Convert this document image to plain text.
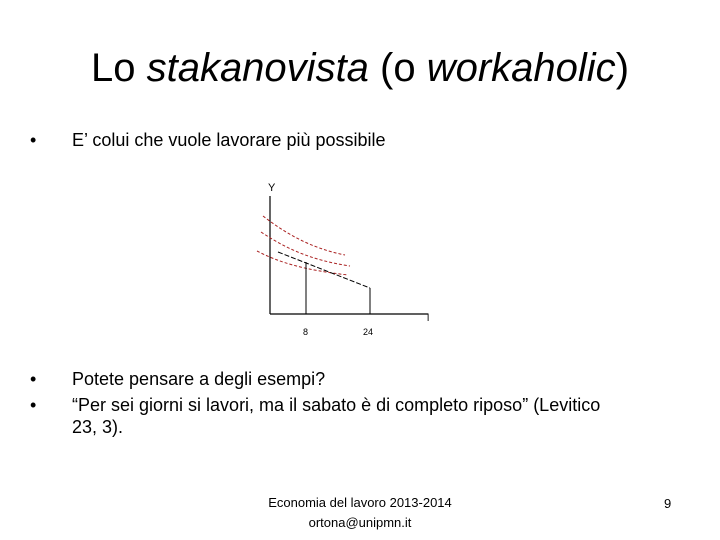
Lo stakanovista (o workaholic)
• E’ colui che vuole lavorare più possibile
Y
l
8	24
• Potete pensare a degli esempi?
• “Per sei giorni si lavori, ma il sabato è di completo riposo” (Levitico
23, 3).
Economia del lavoro 2013-2014
ortona@unipmn.it
9
